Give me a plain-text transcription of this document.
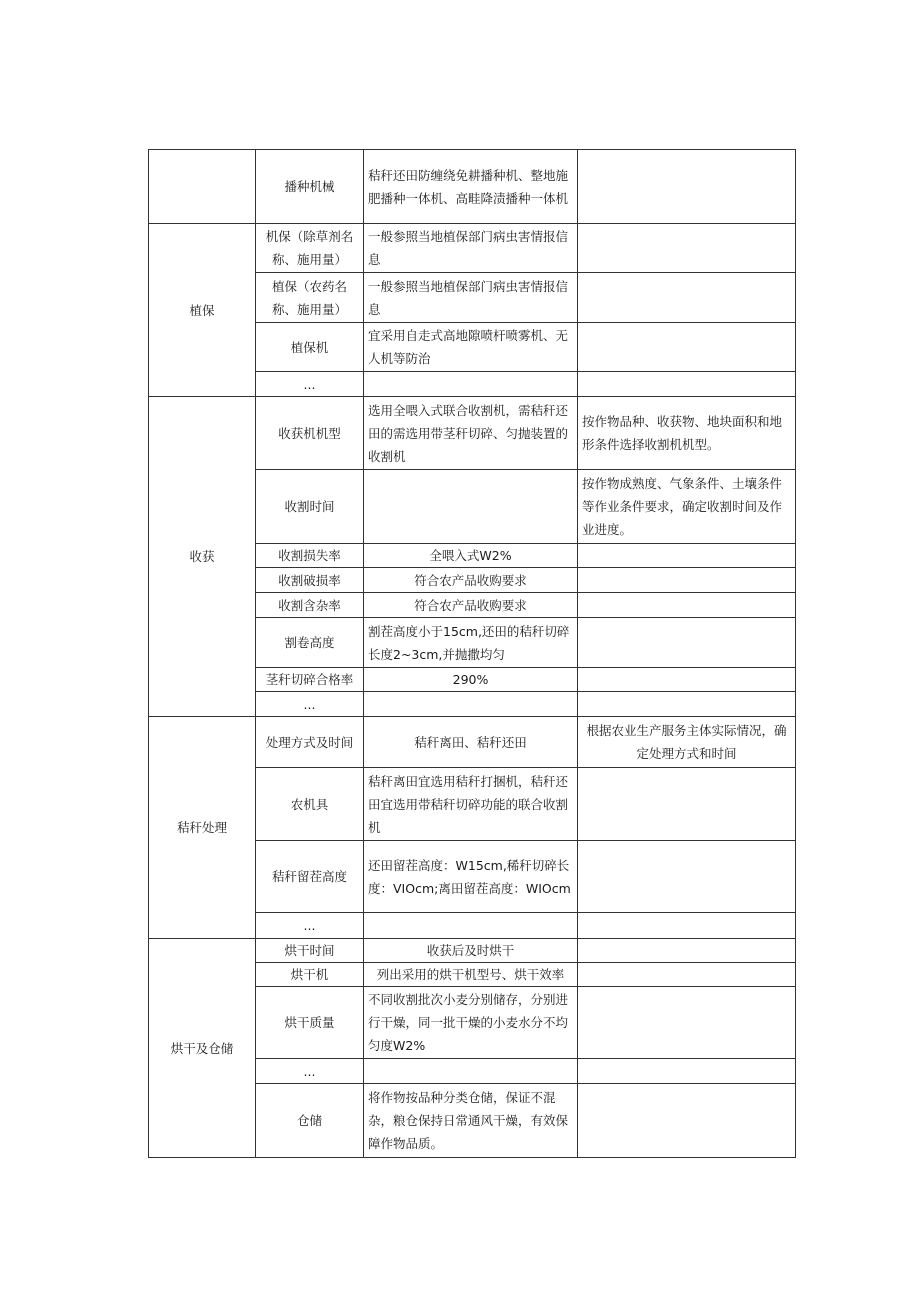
	播种机械	秸秆还田防缠绕免耕播种机、整地施肥播种一体机、高畦降渍播种一体机	
植保	机保（除草剂名称、施用量）	一般参照当地植保部门病虫害情报信息	
	植保（农药名称、施用量）	一般参照当地植保部门病虫害情报信息	
	植保机	宜采用自走式高地隙喷杆喷雾机、无人机等防治	
	...		
收获	收获机机型	选用全喂入式联合收割机，需秸秆还田的需选用带茎秆切碎、匀抛装置的收割机	按作物品种、收获物、地块面积和地形条件选择收割机机型。
	收割时间		按作物成熟度、气象条件、土壤条件等作业条件要求，确定收割时间及作业进度。
	收割损失率	全喂入式W2%	
	收割破损率	符合农产品收购要求	
	收割含杂率	符合农产品收购要求	
	割卷高度	割茬高度小于15cm,还田的秸秆切碎长度2~3cm,并抛撒均匀	
	茎秆切碎合格率	290%	
	...		
秸秆处理	处理方式及时间	秸秆离田、秸秆还田	根据农业生产服务主体实际情况，确定处理方式和时间
	农机具	秸秆离田宜选用秸秆打捆机，秸秆还田宜选用带秸秆切碎功能的联合收割机	
	秸秆留茬高度	还田留茬高度：W15cm,稀秆切碎长度：VIOcm;离田留茬高度：WIOcm	
	...		
烘干及仓储	烘干时间	收获后及时烘干	
	烘干机	列出采用的烘干机型号、烘干效率	
	烘干质量	不同收割批次小麦分别储存，分别进行干燥，同一批干燥的小麦水分不均匀度W2%	
	...		
	仓储	将作物按品种分类仓储，保证不混杂，粮仓保持日常通风干燥，有效保障作物品质。	
